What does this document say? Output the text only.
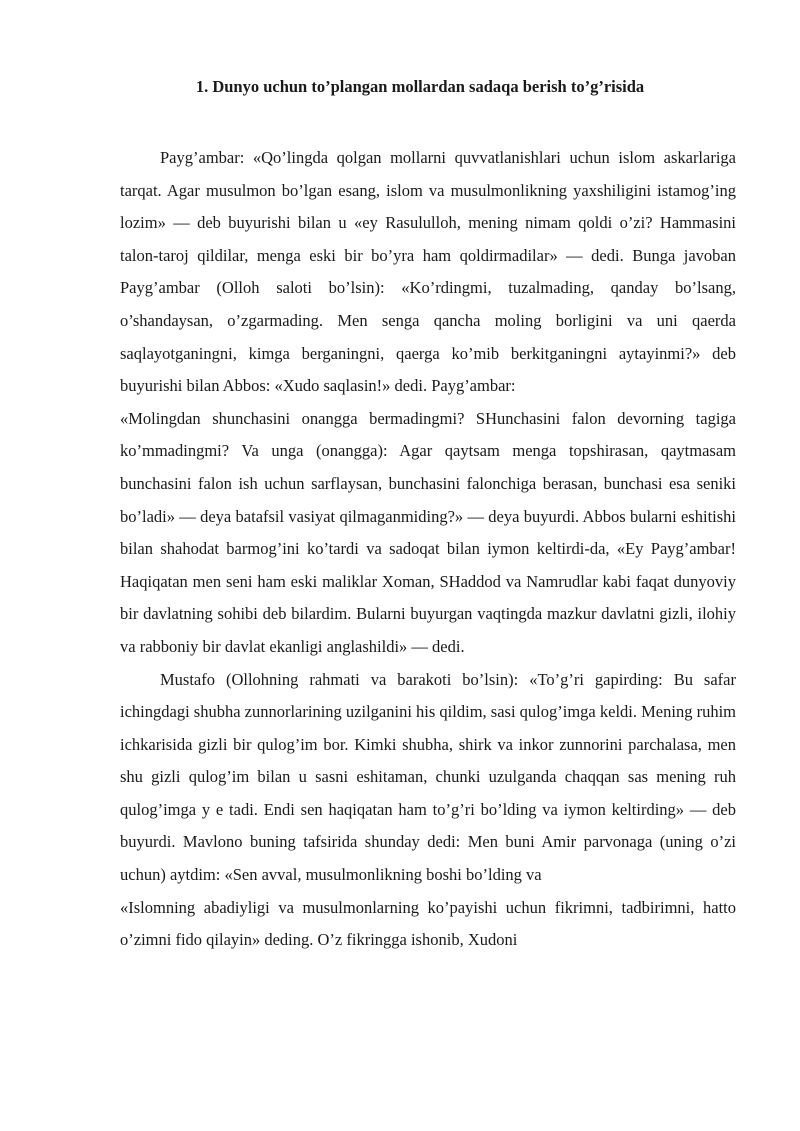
1. Dunyo uchun to’plangan mollardan sadaqa berish to’g’risida

Payg’ambar: «Qo’lingda qolgan mollarni quvvatlanishlari uchun islom askarlariga tarqat. Agar musulmon bo’lgan esang, islom va musulmonlikning yaxshiligini istamog’ing lozim» — deb buyurishi bilan u «ey Rasululloh, mening nimam qoldi o’zi? Hammasini talon-taroj qildilar, menga eski bir bo’yra ham qoldirmadilar» — dedi. Bunga javoban Payg’ambar (Olloh saloti bo’lsin): «Ko’rdingmi, tuzalmading, qanday bo’lsang, o’shandaysan, o’zgarmading. Men senga qancha moling borligini va uni qaerda saqlayotganingni, kimga berganingni, qaerga ko’mib berkitganingni aytayinmi?» deb buyurishi bilan Abbos: «Xudo saqlasin!» dedi. Payg’ambar:

«Molingdan shunchasini onangga bermadingmi? SHunchasini falon devorning tagiga ko’mmadingmi? Va unga (onangga): Agar qaytsam menga topshirasan, qaytmasam bunchasini falon ish uchun sarflaysan, bunchasini falonchiga berasan, bunchasi esa seniki bo’ladi» — deya batafsil vasiyat qilmaganmiding?» — deya buyurdi. Abbos bularni eshitishi bilan shahodat barmog’ini ko’tardi va sadoqat bilan iymon keltirdi-da, «Ey Payg’ambar! Haqiqatan men seni ham eski maliklar Xoman, SHaddod va Namrudlar kabi faqat dunyoviy bir davlatning sohibi deb bilardim. Bularni buyurgan vaqtingda mazkur davlatni gizli, ilohiy va rabboniy bir davlat ekanligi anglashildi» — dedi.

Mustafo (Ollohning rahmati va barakoti bo’lsin): «To’g’ri gapirding: Bu safar ichingdagi shubha zunnorlarining uzilganini his qildim, sasi qulog’imga keldi. Mening ruhim ichkarisida gizli bir qulog’im bor. Kimki shubha, shirk va inkor zunnorini parchalasa, men shu gizli qulog’im bilan u sasni eshitaman, chunki uzulganda chaqqan sas mening ruh qulog’imga y e tadi. Endi sen haqiqatan ham to’g’ri bo’lding va iymon keltirding» — deb buyurdi. Mavlono buning tafsirida shunday dedi: Men buni Amir parvonaga (uning o’zi uchun) aytdim: «Sen avval, musulmonlikning boshi bo’lding va

«Islomning abadiyligi va musulmonlarning ko’payishi uchun fikrimni, tadbirimni, hatto o’zimni fido qilayin» deding. O’z fikringga ishonib, Xudoni
